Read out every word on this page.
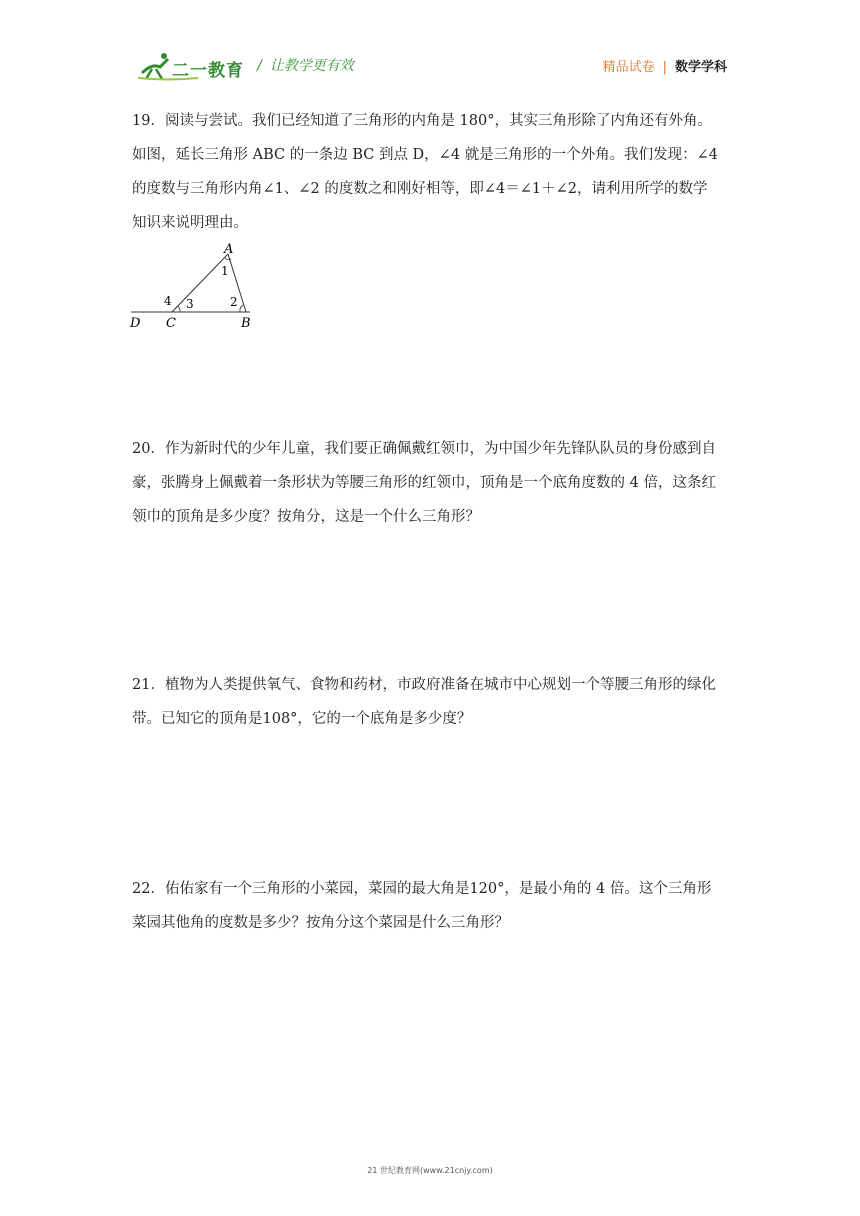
二一教育 / 让教学更有效	精品试卷 | 数学学科

19．阅读与尝试。我们已经知道了三角形的内角是 180°，其实三角形除了内角还有外角。

如图，延长三角形 ABC 的一条边 BC 到点 D，∠4 就是三角形的一个外角。我们发现：∠4

的度数与三角形内角∠1、∠2 的度数之和刚好相等，即∠4＝∠1＋∠2，请利用所学的数学

知识来说明理由。

A
B
C
D
1
2
3
4

20．作为新时代的少年儿童，我们要正确佩戴红领巾，为中国少年先锋队队员的身份感到自

豪，张腾身上佩戴着一条形状为等腰三角形的红领巾，顶角是一个底角度数的 4 倍，这条红

领巾的顶角是多少度？按角分，这是一个什么三角形？

21．植物为人类提供氧气、食物和药材，市政府准备在城市中心规划一个等腰三角形的绿化

带。已知它的顶角是108°，它的一个底角是多少度？

22．佑佑家有一个三角形的小菜园，菜园的最大角是120°，是最小角的 4 倍。这个三角形

菜园其他角的度数是多少？按角分这个菜园是什么三角形？

21 世纪教育网(www.21cnjy.com)
